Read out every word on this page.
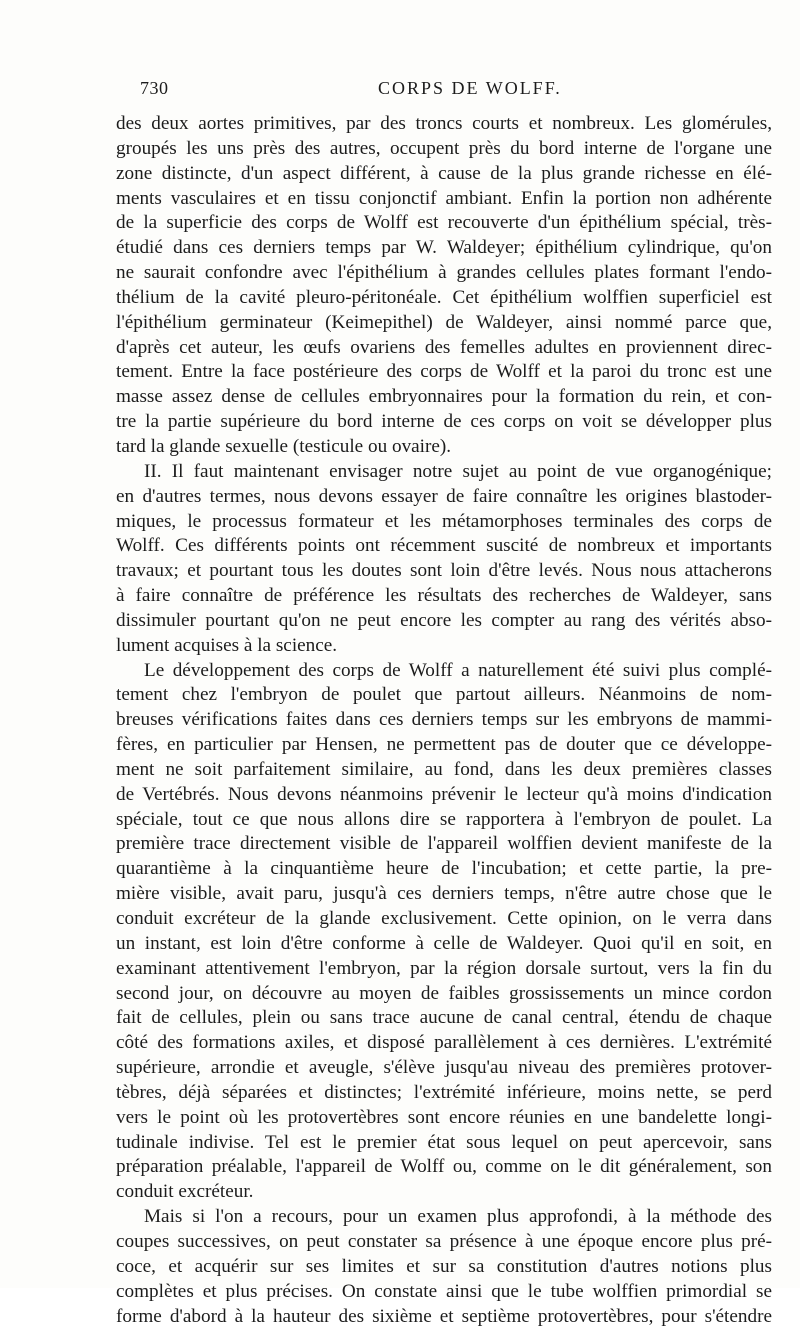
730	CORPS DE WOLFF.
des deux aortes primitives, par des troncs courts et nombreux. Les glomérules,
groupés les uns près des autres, occupent près du bord interne de l'organe une
zone distincte, d'un aspect différent, à cause de la plus grande richesse en élé-
ments vasculaires et en tissu conjonctif ambiant. Enfin la portion non adhérente
de la superficie des corps de Wolff est recouverte d'un épithélium spécial, très-
étudié dans ces derniers temps par W. Waldeyer; épithélium cylindrique, qu'on
ne saurait confondre avec l'épithélium à grandes cellules plates formant l'endo-
thélium de la cavité pleuro-péritonéale. Cet épithélium wolffien superficiel est
l'épithélium germinateur (Keimepithel) de Waldeyer, ainsi nommé parce que,
d'après cet auteur, les œufs ovariens des femelles adultes en proviennent direc-
tement. Entre la face postérieure des corps de Wolff et la paroi du tronc est une
masse assez dense de cellules embryonnaires pour la formation du rein, et con-
tre la partie supérieure du bord interne de ces corps on voit se développer plus
tard la glande sexuelle (testicule ou ovaire).
II. Il faut maintenant envisager notre sujet au point de vue organogénique;
en d'autres termes, nous devons essayer de faire connaître les origines blastoder-
miques, le processus formateur et les métamorphoses terminales des corps de
Wolff. Ces différents points ont récemment suscité de nombreux et importants
travaux; et pourtant tous les doutes sont loin d'être levés. Nous nous attacherons
à faire connaître de préférence les résultats des recherches de Waldeyer, sans
dissimuler pourtant qu'on ne peut encore les compter au rang des vérités abso-
lument acquises à la science.
Le développement des corps de Wolff a naturellement été suivi plus complé-
tement chez l'embryon de poulet que partout ailleurs. Néanmoins de nom-
breuses vérifications faites dans ces derniers temps sur les embryons de mammi-
fères, en particulier par Hensen, ne permettent pas de douter que ce développe-
ment ne soit parfaitement similaire, au fond, dans les deux premières classes
de Vertébrés. Nous devons néanmoins prévenir le lecteur qu'à moins d'indication
spéciale, tout ce que nous allons dire se rapportera à l'embryon de poulet. La
première trace directement visible de l'appareil wolffien devient manifeste de la
quarantième à la cinquantième heure de l'incubation; et cette partie, la pre-
mière visible, avait paru, jusqu'à ces derniers temps, n'être autre chose que le
conduit excréteur de la glande exclusivement. Cette opinion, on le verra dans
un instant, est loin d'être conforme à celle de Waldeyer. Quoi qu'il en soit, en
examinant attentivement l'embryon, par la région dorsale surtout, vers la fin du
second jour, on découvre au moyen de faibles grossissements un mince cordon
fait de cellules, plein ou sans trace aucune de canal central, étendu de chaque
côté des formations axiles, et disposé parallèlement à ces dernières. L'extrémité
supérieure, arrondie et aveugle, s'élève jusqu'au niveau des premières protover-
tèbres, déjà séparées et distinctes; l'extrémité inférieure, moins nette, se perd
vers le point où les protovertèbres sont encore réunies en une bandelette longi-
tudinale indivise. Tel est le premier état sous lequel on peut apercevoir, sans
préparation préalable, l'appareil de Wolff ou, comme on le dit généralement, son
conduit excréteur.
Mais si l'on a recours, pour un examen plus approfondi, à la méthode des
coupes successives, on peut constater sa présence à une époque encore plus pré-
coce, et acquérir sur ses limites et sur sa constitution d'autres notions plus
complètes et plus précises. On constate ainsi que le tube wolffien primordial se
forme d'abord à la hauteur des sixième et septième protovertèbres, pour s'étendre
